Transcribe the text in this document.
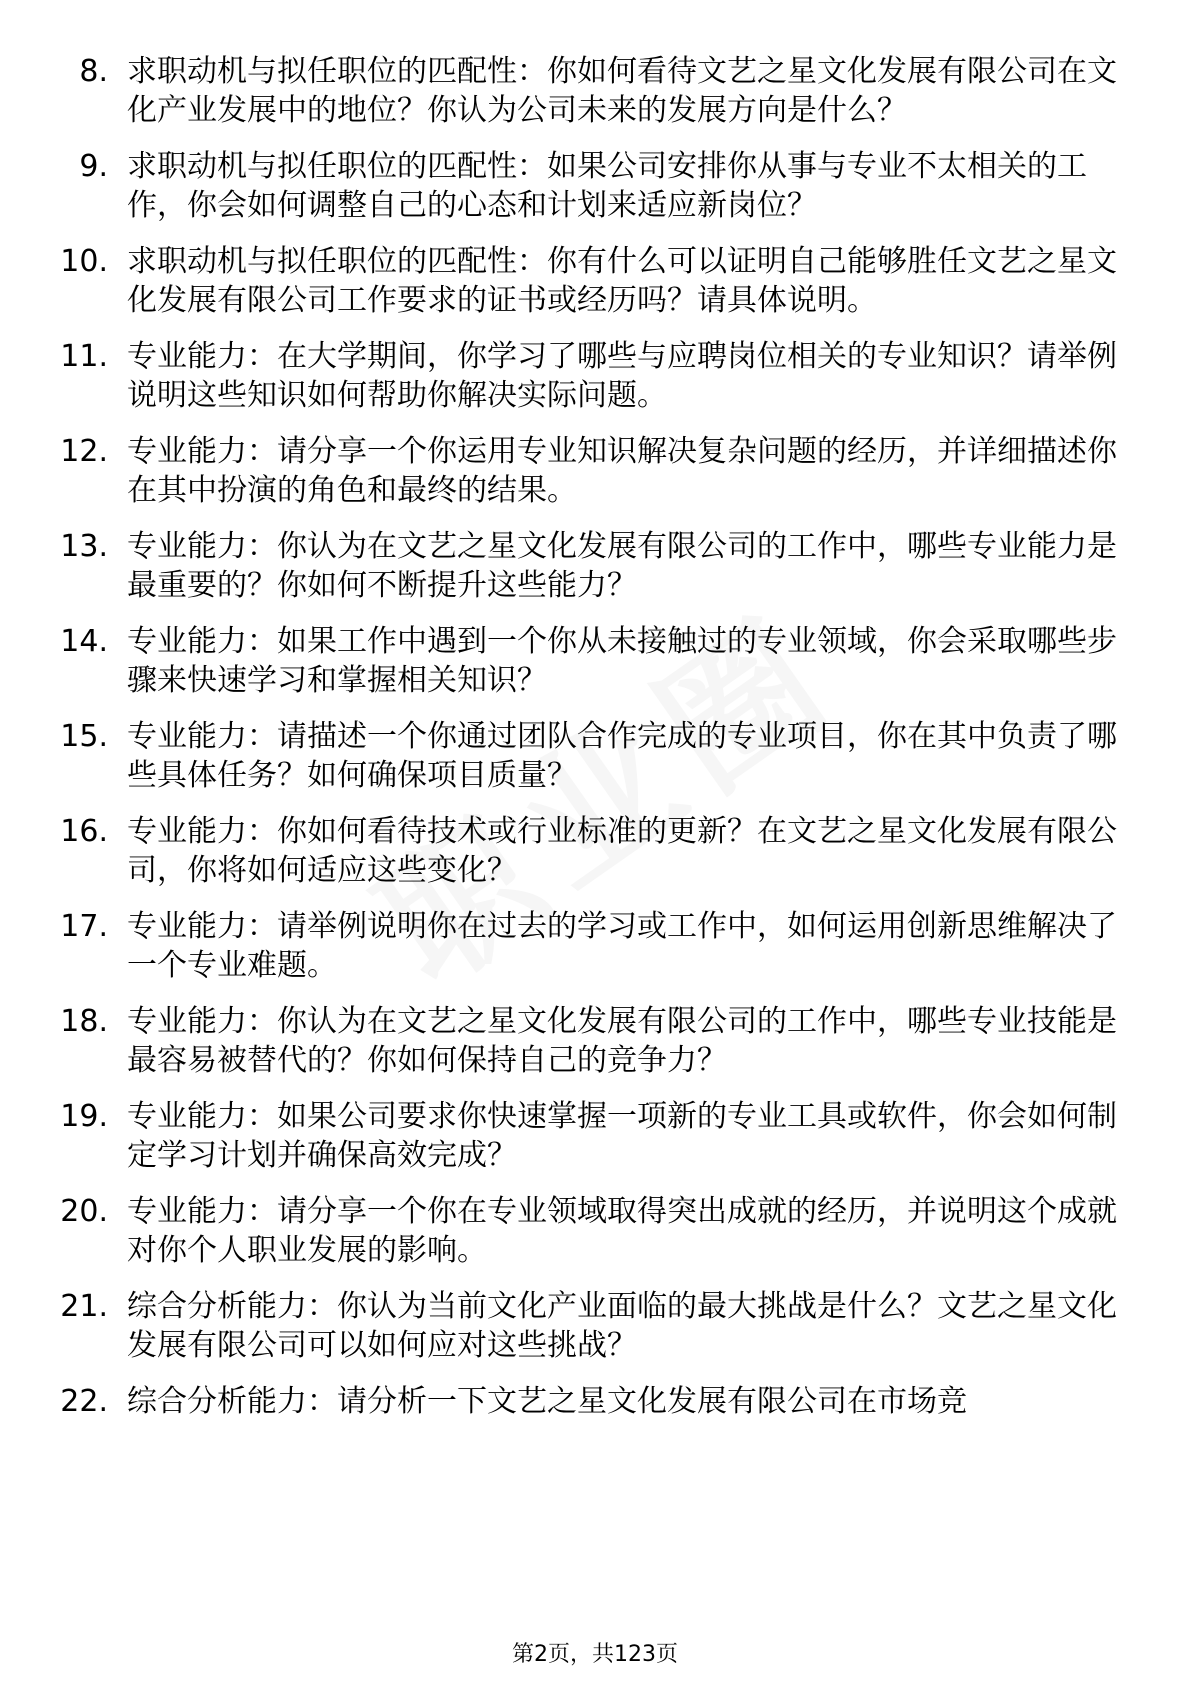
8. 求职动机与拟任职位的匹配性：你如何看待文艺之星文化发展有限公司在文化产业发展中的地位？你认为公司未来的发展方向是什么？
9. 求职动机与拟任职位的匹配性：如果公司安排你从事与专业不太相关的工作，你会如何调整自己的心态和计划来适应新岗位？
10. 求职动机与拟任职位的匹配性：你有什么可以证明自己能够胜任文艺之星文化发展有限公司工作要求的证书或经历吗？请具体说明。
11. 专业能力：在大学期间，你学习了哪些与应聘岗位相关的专业知识？请举例说明这些知识如何帮助你解决实际问题。
12. 专业能力：请分享一个你运用专业知识解决复杂问题的经历，并详细描述你在其中扮演的角色和最终的结果。
13. 专业能力：你认为在文艺之星文化发展有限公司的工作中，哪些专业能力是最重要的？你如何不断提升这些能力？
14. 专业能力：如果工作中遇到一个你从未接触过的专业领域，你会采取哪些步骤来快速学习和掌握相关知识？
15. 专业能力：请描述一个你通过团队合作完成的专业项目，你在其中负责了哪些具体任务？如何确保项目质量？
16. 专业能力：你如何看待技术或行业标准的更新？在文艺之星文化发展有限公司，你将如何适应这些变化？
17. 专业能力：请举例说明你在过去的学习或工作中，如何运用创新思维解决了一个专业难题。
18. 专业能力：你认为在文艺之星文化发展有限公司的工作中，哪些专业技能是最容易被替代的？你如何保持自己的竞争力？
19. 专业能力：如果公司要求你快速掌握一项新的专业工具或软件，你会如何制定学习计划并确保高效完成？
20. 专业能力：请分享一个你在专业领域取得突出成就的经历，并说明这个成就对你个人职业发展的影响。
21. 综合分析能力：你认为当前文化产业面临的最大挑战是什么？文艺之星文化发展有限公司可以如何应对这些挑战？
22. 综合分析能力：请分析一下文艺之星文化发展有限公司在市场竞
第2页，共123页
